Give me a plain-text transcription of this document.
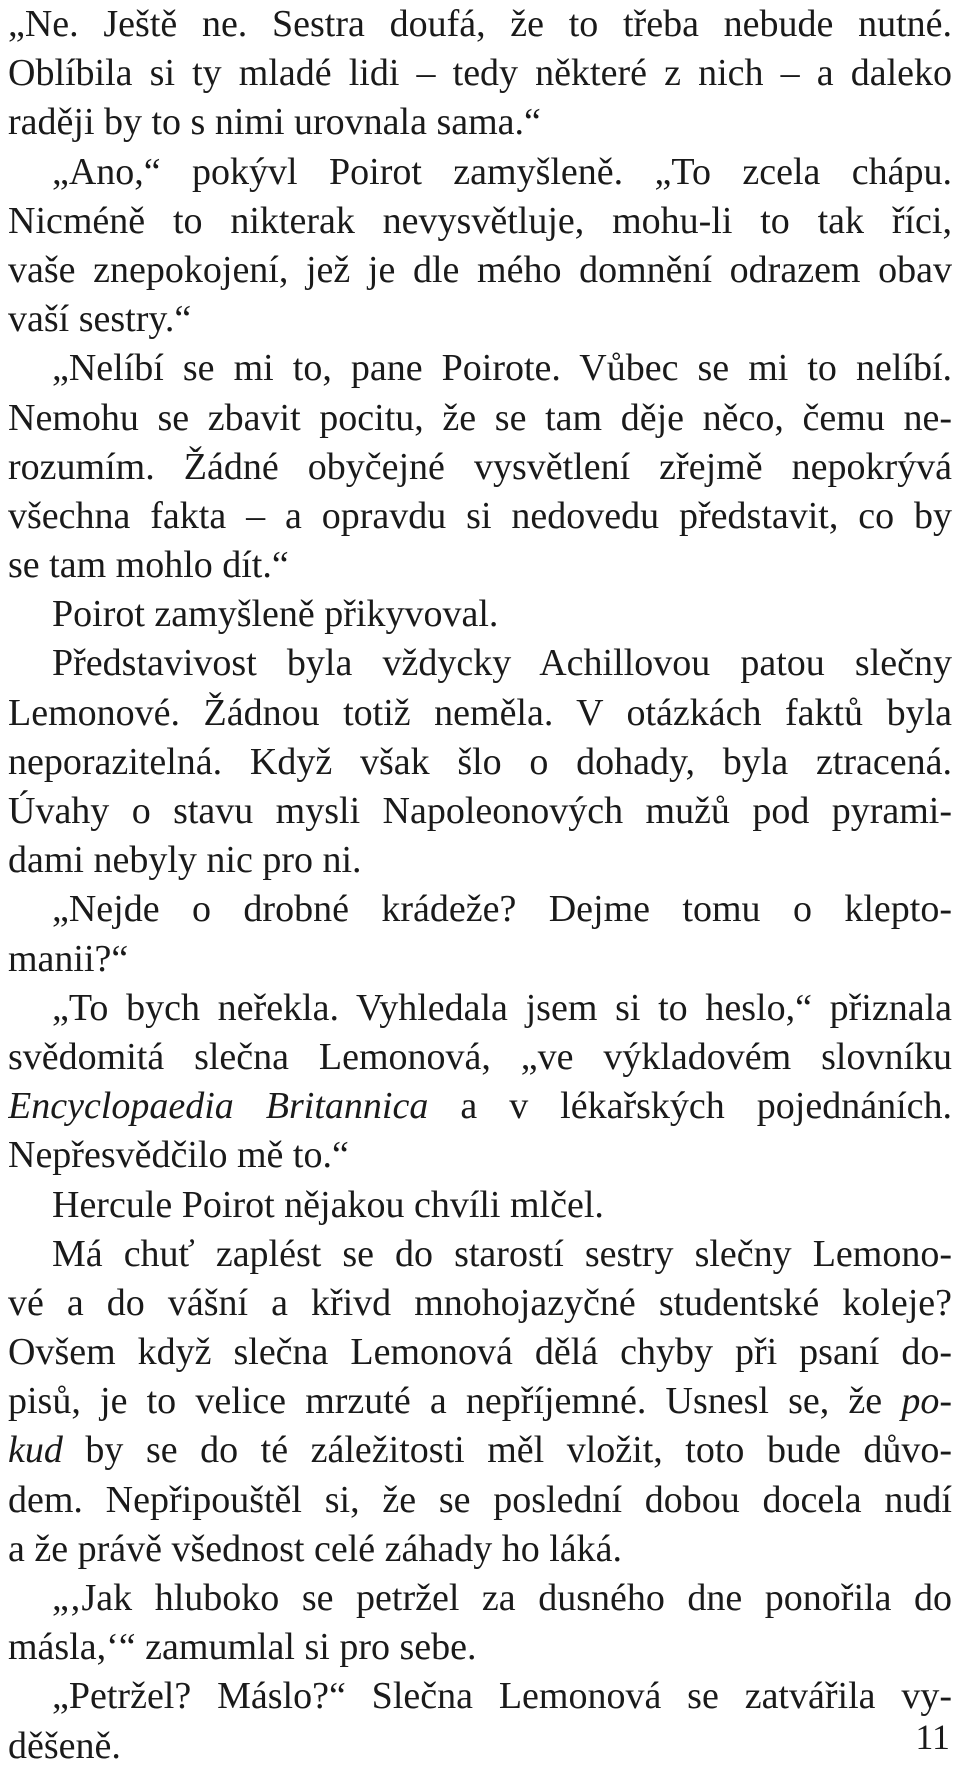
„Ne. Ještě ne. Sestra doufá, že to třeba nebude nutné.
Oblíbila si ty mladé lidi – tedy některé z nich – a daleko
raději by to s nimi urovnala sama.“
„Ano,“ pokývl Poirot zamyšleně. „To zcela chápu.
Nicméně to nikterak nevysvětluje, mohu-li to tak říci,
vaše znepokojení, jež je dle mého domnění odrazem obav
vaší sestry.“
„Nelíbí se mi to, pane Poirote. Vůbec se mi to nelíbí.
Nemohu se zbavit pocitu, že se tam děje něco, čemu ne-
rozumím. Žádné obyčejné vysvětlení zřejmě nepokrývá
všechna fakta – a opravdu si nedovedu představit, co by
se tam mohlo dít.“
Poirot zamyšleně přikyvoval.
Představivost byla vždycky Achillovou patou slečny
Lemonové. Žádnou totiž neměla. V otázkách faktů byla
neporazitelná. Když však šlo o dohady, byla ztracená.
Úvahy o stavu mysli Napoleonových mužů pod pyrami-
dami nebyly nic pro ni.
„Nejde o drobné krádeže? Dejme tomu o klepto-
manii?“
„To bych neřekla. Vyhledala jsem si to heslo,“ přiznala
svědomitá slečna Lemonová, „ve výkladovém slovníku
Encyclopaedia Britannica a v lékařských pojednáních.
Nepřesvědčilo mě to.“
Hercule Poirot nějakou chvíli mlčel.
Má chuť zaplést se do starostí sestry slečny Lemono-
vé a do vášní a křivd mnohojazyčné studentské koleje?
Ovšem když slečna Lemonová dělá chyby při psaní do-
pisů, je to velice mrzuté a nepříjemné. Usnesl se, že po-
kud by se do té záležitosti měl vložit, toto bude důvo-
dem. Nepřipouštěl si, že se poslední dobou docela nudí
a že právě všednost celé záhady ho láká.
„‚Jak hluboko se petržel za dusného dne ponořila do
másla,‘“ zamumlal si pro sebe.
„Petržel? Máslo?“ Slečna Lemonová se zatvářila vy-
děšeně.	11
